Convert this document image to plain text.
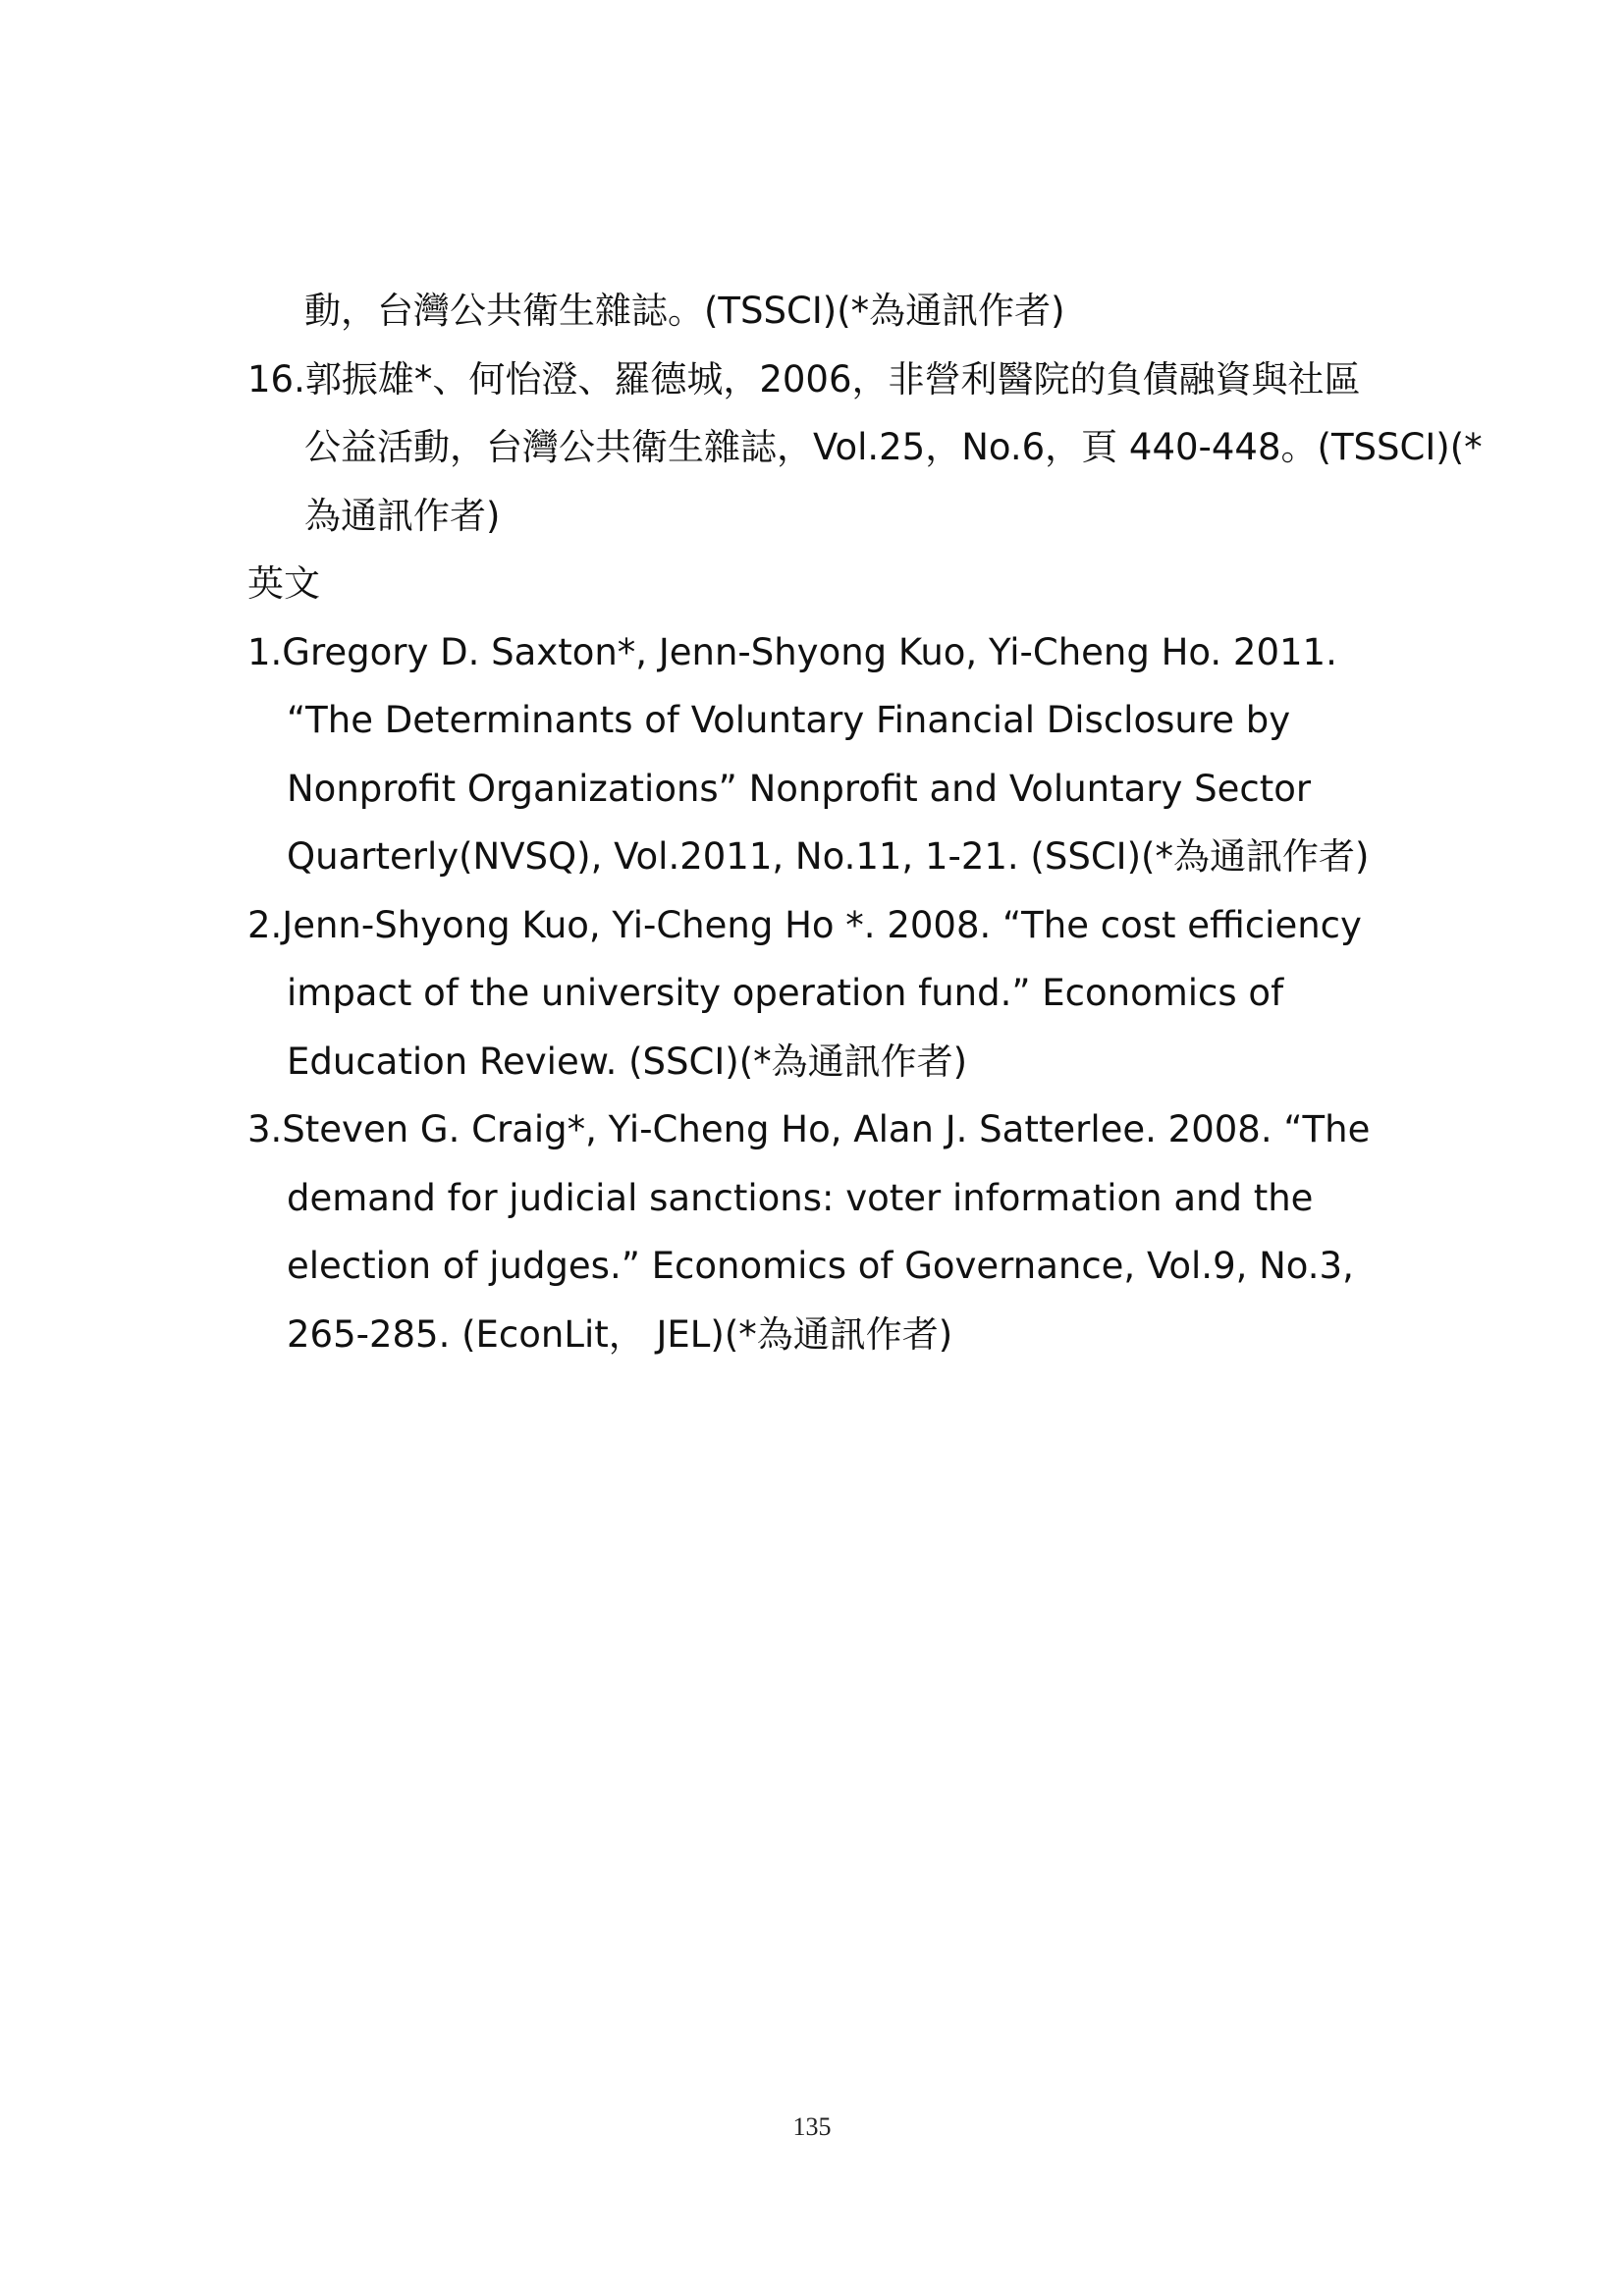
動，台灣公共衛生雜誌。(TSSCI)(*為通訊作者)
16.郭振雄*、何怡澄、羅德城，2006，非營利醫院的負債融資與社區
公益活動，台灣公共衛生雜誌，Vol.25，No.6，頁 440-448。(TSSCI)(*
為通訊作者)
英文
1.Gregory D. Saxton*, Jenn-Shyong Kuo, Yi-Cheng Ho. 2011.
“The Determinants of Voluntary Financial Disclosure by
Nonprofit Organizations” Nonprofit and Voluntary Sector
Quarterly(NVSQ), Vol.2011, No.11, 1-21. (SSCI)(*為通訊作者)
2.Jenn-Shyong Kuo, Yi-Cheng Ho *. 2008. “The cost efficiency
impact of the university operation fund.” Economics of
Education Review. (SSCI)(*為通訊作者)
3.Steven G. Craig*, Yi-Cheng Ho, Alan J. Satterlee. 2008. “The
demand for judicial sanctions: voter information and the
election of judges.” Economics of Governance, Vol.9, No.3,
265-285. (EconLit， JEL)(*為通訊作者)
135
